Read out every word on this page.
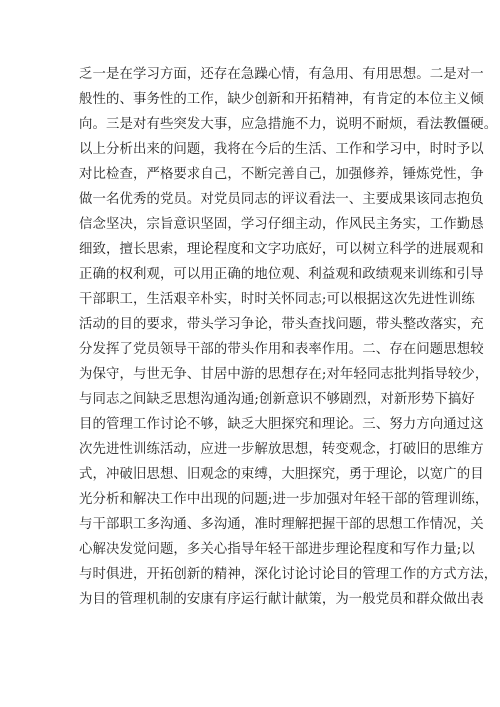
乏一是在学习方面，还存在急躁心情，有急用、有用思想。二是对一
般性的、事务性的工作，缺少创新和开拓精神，有肯定的本位主义倾
向。三是对有些突发大事，应急措施不力，说明不耐烦，看法教僵硬。
以上分析出来的问题，我将在今后的生活、工作和学习中，时时予以
对比检查，严格要求自己，不断完善自己，加强修养，锤炼党性，争
做一名优秀的党员。对党员同志的评议看法一、主要成果该同志抱负
信念坚决，宗旨意识坚固，学习仔细主动，作风民主务实，工作勤恳
细致，擅长思索，理论程度和文字功底好，可以树立科学的进展观和
正确的权利观，可以用正确的地位观、利益观和政绩观来训练和引导
干部职工，生活艰辛朴实，时时关怀同志;可以根据这次先进性训练
活动的目的要求，带头学习争论，带头查找问题，带头整改落实，充
分发挥了党员领导干部的带头作用和表率作用。二、存在问题思想较
为保守，与世无争、甘居中游的思想存在;对年轻同志批判指导较少，
与同志之间缺乏思想沟通沟通;创新意识不够剧烈，对新形势下搞好
目的管理工作讨论不够，缺乏大胆探究和理论。三、努力方向通过这
次先进性训练活动，应进一步解放思想，转变观念，打破旧的思维方
式，冲破旧思想、旧观念的束缚，大胆探究，勇于理论，以宽广的目
光分析和解决工作中出现的问题;进一步加强对年轻干部的管理训练，
与干部职工多沟通、多沟通，准时理解把握干部的思想工作情况，关
心解决发觉问题，多关心指导年轻干部进步理论程度和写作力量;以
与时俱进，开拓创新的精神，深化讨论讨论目的管理工作的方式方法，
为目的管理机制的安康有序运行献计献策，为一般党员和群众做出表
